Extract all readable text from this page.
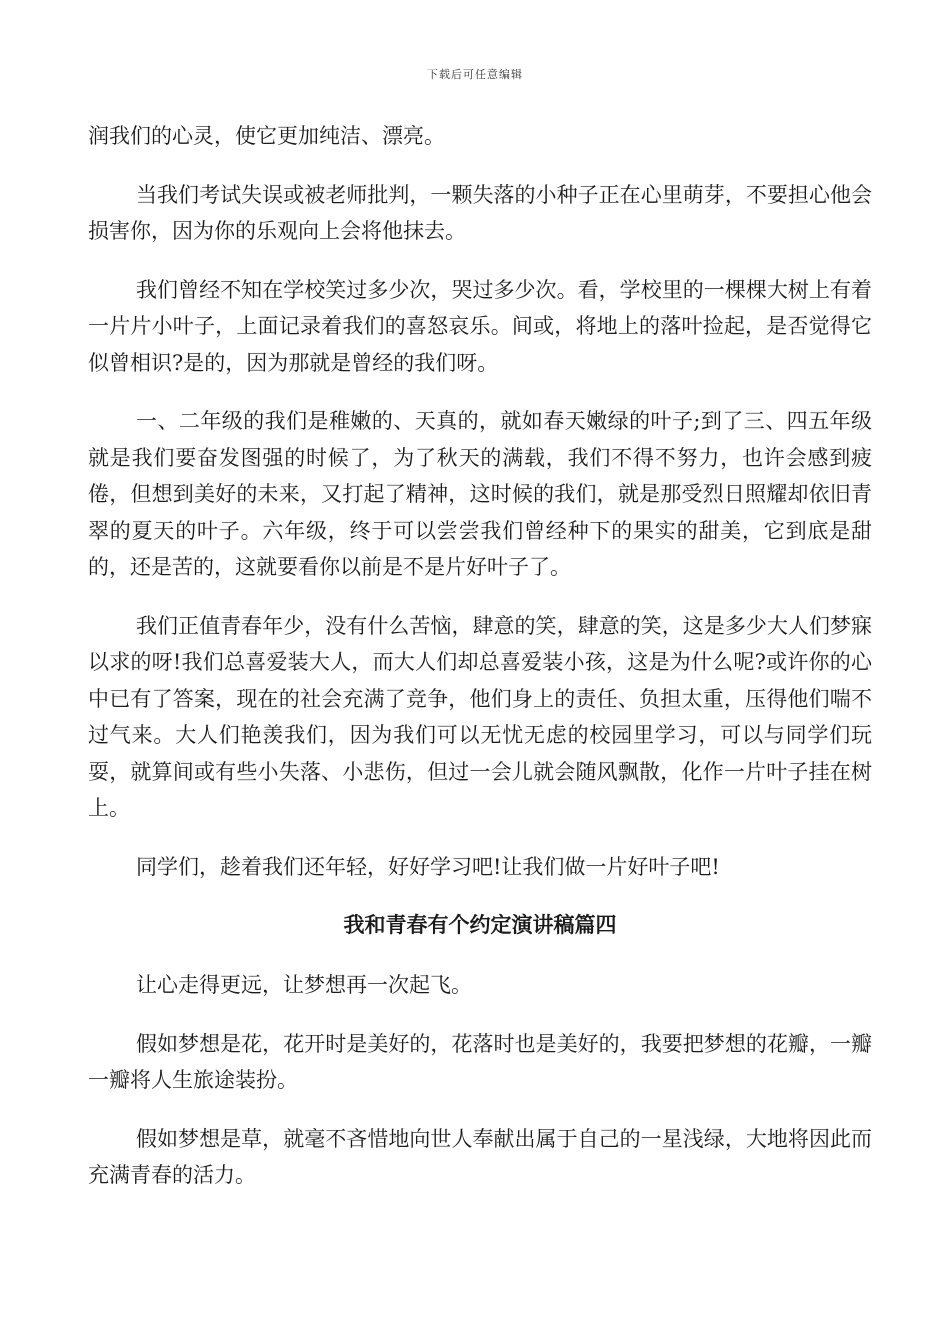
下载后可任意编辑

润我们的心灵，使它更加纯洁、漂亮。

当我们考试失误或被老师批判，一颗失落的小种子正在心里萌芽，不要担心他会损害你，因为你的乐观向上会将他抹去。

我们曾经不知在学校笑过多少次，哭过多少次。看，学校里的一棵棵大树上有着一片片小叶子，上面记录着我们的喜怒哀乐。间或，将地上的落叶捡起，是否觉得它似曾相识?是的，因为那就是曾经的我们呀。

一、二年级的我们是稚嫩的、天真的，就如春天嫩绿的叶子;到了三、四五年级就是我们要奋发图强的时候了，为了秋天的满载，我们不得不努力，也许会感到疲倦，但想到美好的未来，又打起了精神，这时候的我们，就是那受烈日照耀却依旧青翠的夏天的叶子。六年级，终于可以尝尝我们曾经种下的果实的甜美，它到底是甜的，还是苦的，这就要看你以前是不是片好叶子了。

我们正值青春年少，没有什么苦恼，肆意的笑，肆意的笑，这是多少大人们梦寐以求的呀!我们总喜爱装大人，而大人们却总喜爱装小孩，这是为什么呢?或许你的心中已有了答案，现在的社会充满了竞争，他们身上的责任、负担太重，压得他们喘不过气来。大人们艳羡我们，因为我们可以无忧无虑的校园里学习，可以与同学们玩耍，就算间或有些小失落、小悲伤，但过一会儿就会随风飘散，化作一片叶子挂在树上。

同学们，趁着我们还年轻，好好学习吧!让我们做一片好叶子吧!

我和青春有个约定演讲稿篇四

让心走得更远，让梦想再一次起飞。

假如梦想是花，花开时是美好的，花落时也是美好的，我要把梦想的花瓣，一瓣一瓣将人生旅途装扮。

假如梦想是草，就毫不吝惜地向世人奉献出属于自己的一星浅绿，大地将因此而充满青春的活力。
